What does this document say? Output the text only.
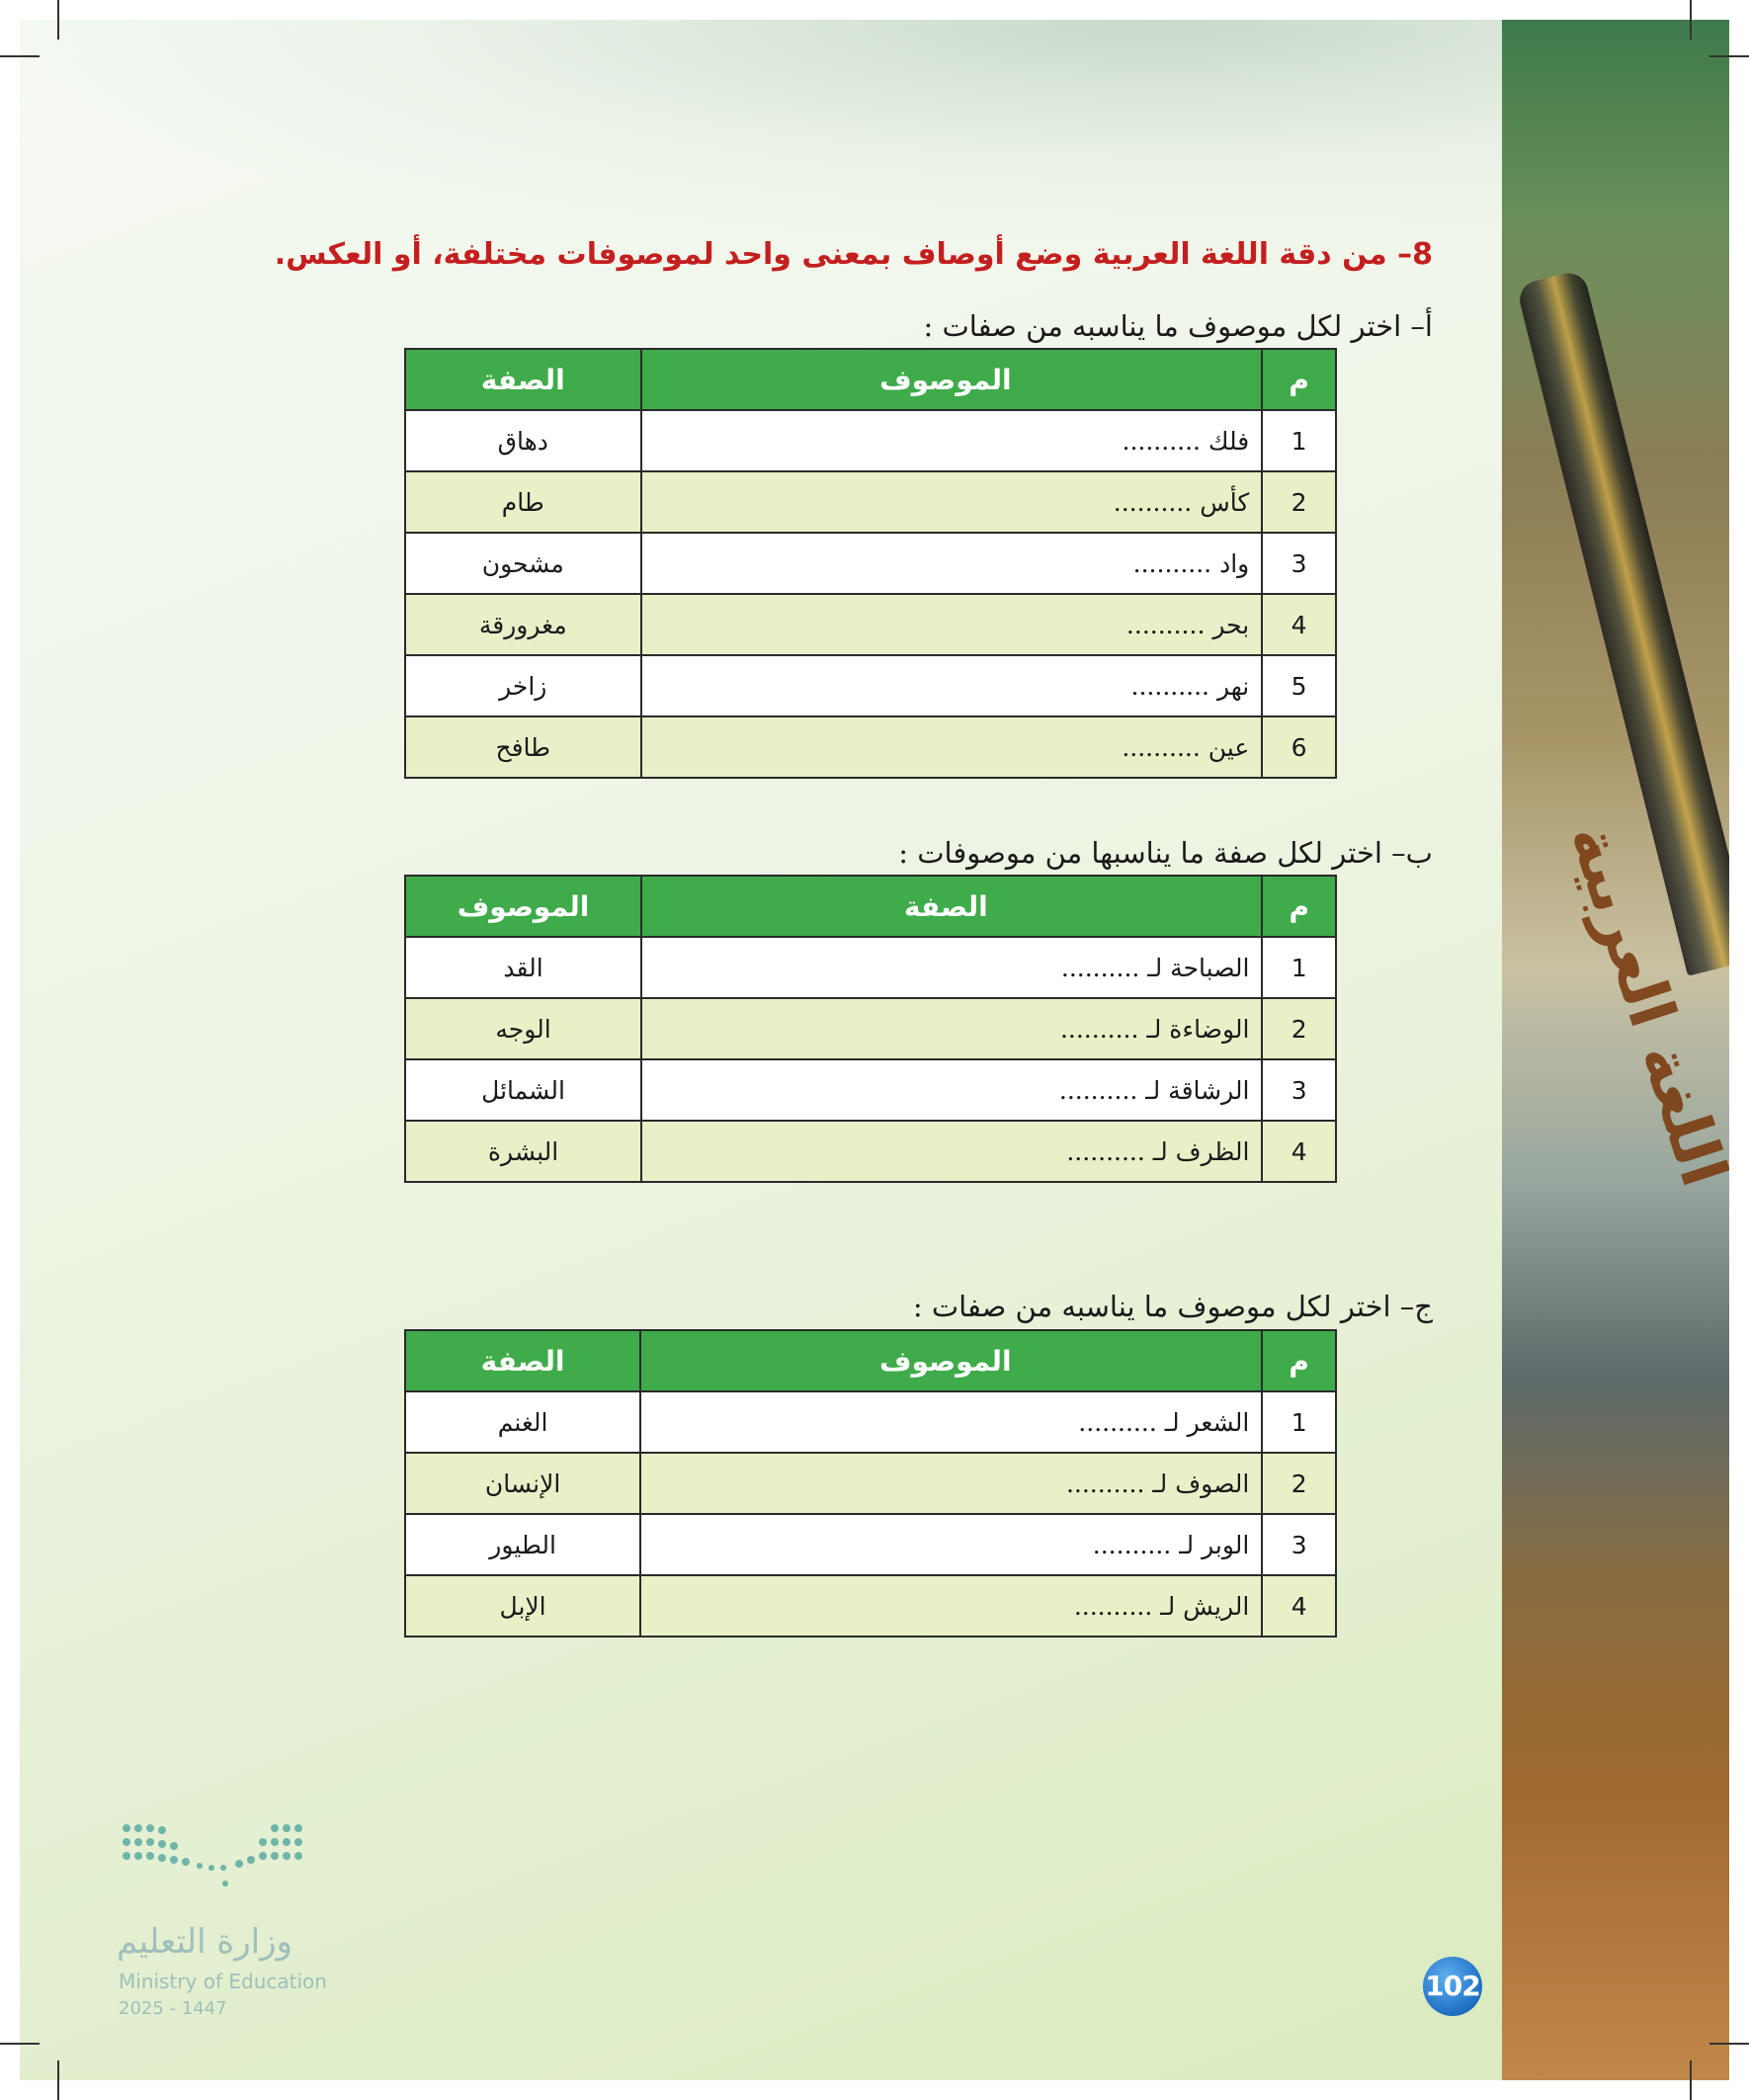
8– من دقة اللغة العربية وضع أوصاف بمعنى واحد لموصوفات مختلفة، أو العكس.
أ– اختر لكل موصوف ما يناسبه من صفات :
م	الموصوف	الصفة
1	فلك ..........	دهاق
2	كأس ..........	طام
3	واد ..........	مشحون
4	بحر ..........	مغرورقة
5	نهر ..........	زاخر
6	عين ..........	طافح
ب– اختر لكل صفة ما يناسبها من موصوفات :
م	الصفة	الموصوف
1	الصباحة لـ ..........	القد
2	الوضاءة لـ ..........	الوجه
3	الرشاقة لـ ..........	الشمائل
4	الظرف لـ ..........	البشرة
ج– اختر لكل موصوف ما يناسبه من صفات :
م	الموصوف	الصفة
1	الشعر لـ ..........	الغنم
2	الصوف لـ ..........	الإنسان
3	الوبر لـ ..........	الطيور
4	الريش لـ ..........	الإبل
وزارة التعليم
Ministry of Education
2025 - 1447
102
